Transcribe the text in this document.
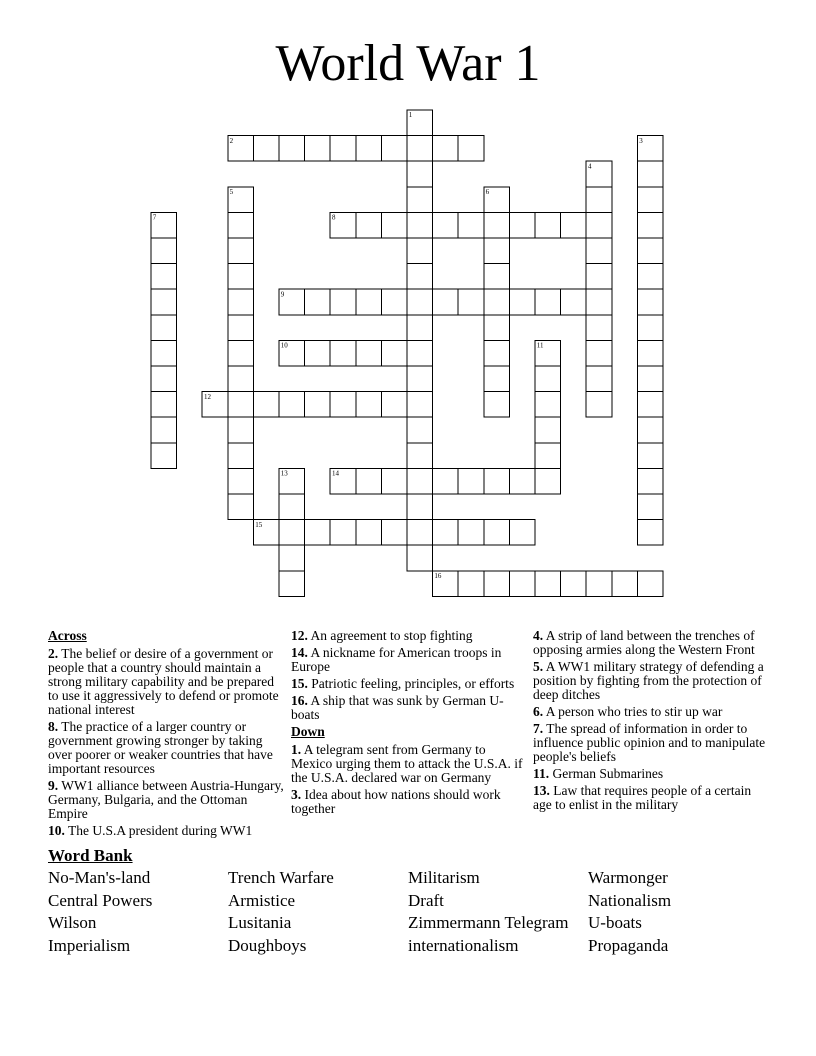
World War 1
1
2	3
4
5	6
7	8
9
10	11
12
13	14
15
16
Across
2. The belief or desire of a government or people that a country should maintain a strong military capability and be prepared to use it aggressively to defend or promote national interest
8. The practice of a larger country or government growing stronger by taking over poorer or weaker countries that have important resources
9. WW1 alliance between Austria-Hungary, Germany, Bulgaria, and the Ottoman Empire
10. The U.S.A president during WW1
12. An agreement to stop fighting
14. A nickname for American troops in Europe
15. Patriotic feeling, principles, or efforts
16. A ship that was sunk by German U-boats
Down
1. A telegram sent from Germany to Mexico urging them to attack the U.S.A. if the U.S.A. declared war on Germany
3. Idea about how nations should work together
4. A strip of land between the trenches of opposing armies along the Western Front
5. A WW1 military strategy of defending a position by fighting from the protection of deep ditches
6. A person who tries to stir up war
7. The spread of information in order to influence public opinion and to manipulate people's beliefs
11. German Submarines
13. Law that requires people of a certain age to enlist in the military
Word Bank
No-Man's-land	Trench Warfare	Militarism	Warmonger
Central Powers	Armistice	Draft	Nationalism
Wilson	Lusitania	Zimmermann Telegram	U-boats
Imperialism	Doughboys	internationalism	Propaganda
